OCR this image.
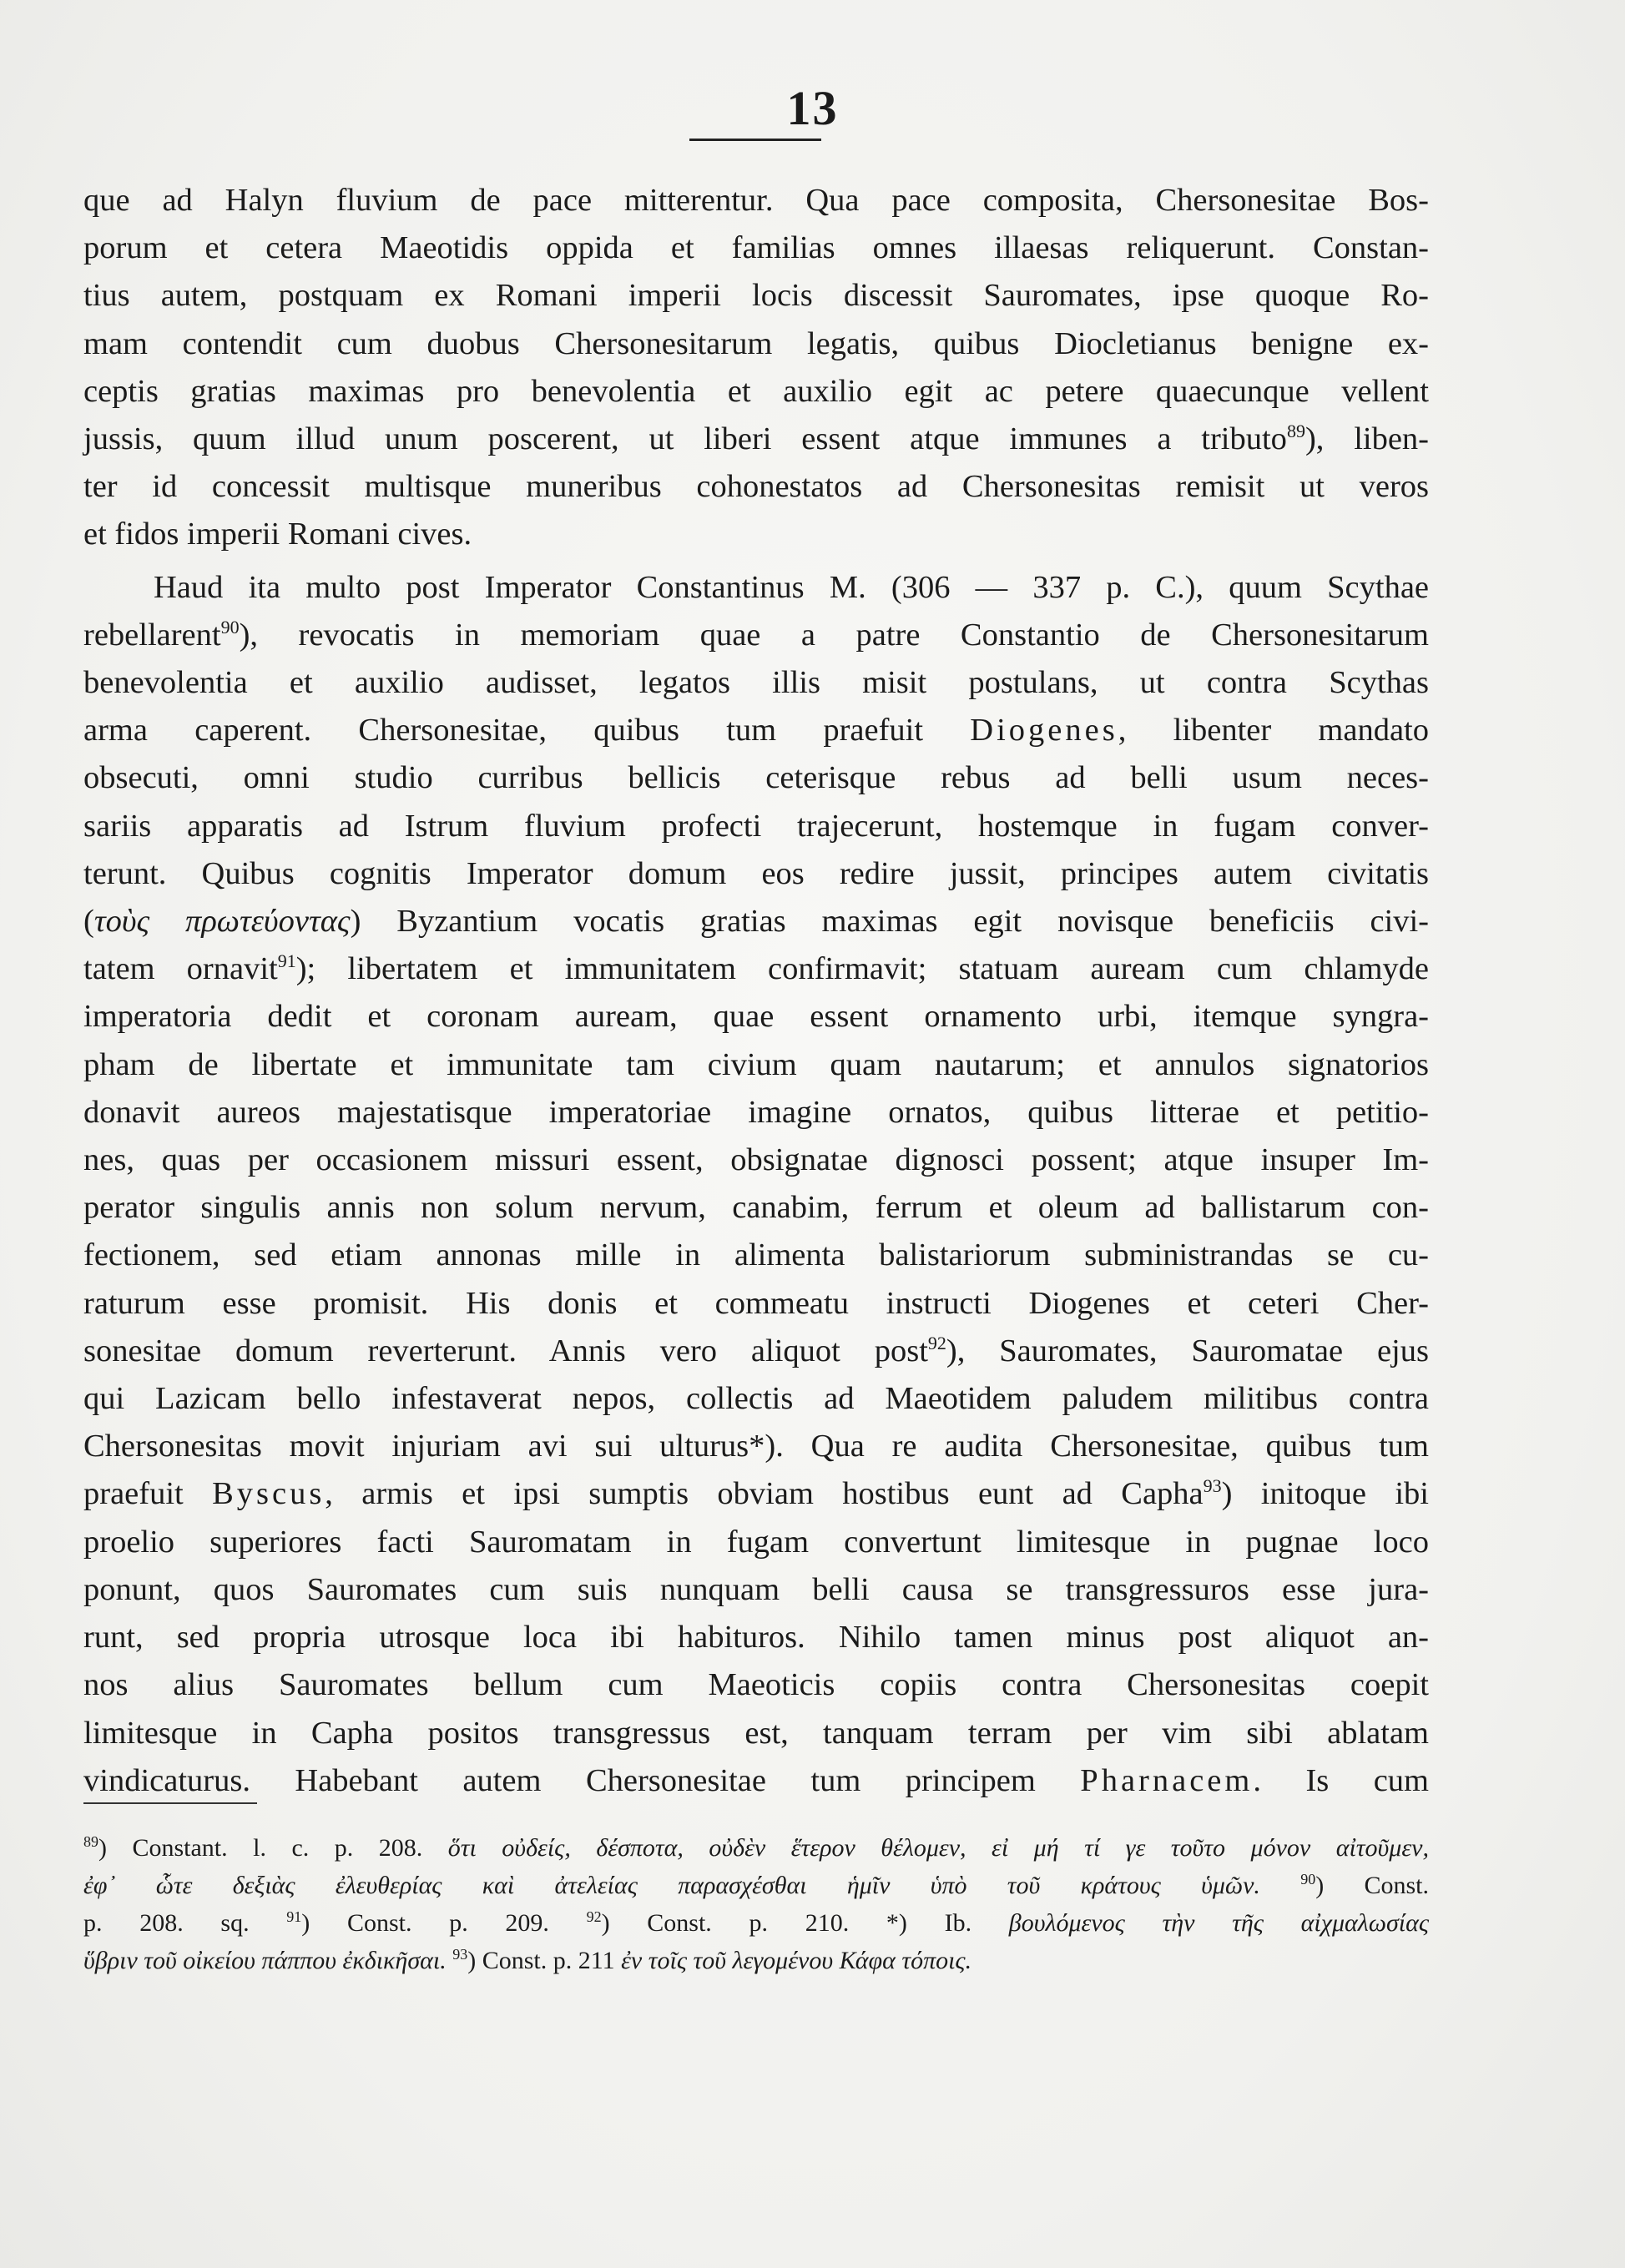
13
que ad Halyn fluvium de pace mitterentur. Qua pace composita, Chersonesitae Bos-
porum et cetera Maeotidis oppida et familias omnes illaesas reliquerunt. Constan-
tius autem, postquam ex Romani imperii locis discessit Sauromates, ipse quoque Ro-
mam contendit cum duobus Chersonesitarum legatis, quibus Diocletianus benigne ex-
ceptis gratias maximas pro benevolentia et auxilio egit ac petere quaecunque vellent
jussis, quum illud unum poscerent, ut liberi essent atque immunes a tributo$^{89}$), liben-
ter id concessit multisque muneribus cohonestatos ad Chersonesitas remisit ut veros
et fidos imperii Romani cives.
Haud ita multo post Imperator Constantinus M. (306 — 337 p. C.), quum Scythae
rebellarent$^{90}$), revocatis in memoriam quae a patre Constantio de Chersonesitarum
benevolentia et auxilio audisset, legatos illis misit postulans, ut contra Scythas
arma caperent. Chersonesitae, quibus tum praefuit Diogenes, libenter mandato
obsecuti, omni studio curribus bellicis ceterisque rebus ad belli usum neces-
sariis apparatis ad Istrum fluvium profecti trajecerunt, hostemque in fugam conver-
terunt. Quibus cognitis Imperator domum eos redire jussit, principes autem civitatis
(τοὺς πρωτεύοντας) Byzantium vocatis gratias maximas egit novisque beneficiis civi-
tatem ornavit$^{91}$); libertatem et immunitatem confirmavit; statuam auream cum chlamyde
imperatoria dedit et coronam auream, quae essent ornamento urbi, itemque syngra-
pham de libertate et immunitate tam civium quam nautarum; et annulos signatorios
donavit aureos majestatisque imperatoriae imagine ornatos, quibus litterae et petitio-
nes, quas per occasionem missuri essent, obsignatae dignosci possent; atque insuper Im-
perator singulis annis non solum nervum, canabim, ferrum et oleum ad ballistarum con-
fectionem, sed etiam annonas mille in alimenta balistariorum subministrandas se cu-
raturum esse promisit. His donis et commeatu instructi Diogenes et ceteri Cher-
sonesitae domum reverterunt. Annis vero aliquot post$^{92}$), Sauromates, Sauromatae ejus
qui Lazicam bello infestaverat nepos, collectis ad Maeotidem paludem militibus contra
Chersonesitas movit injuriam avi sui ulturus*). Qua re audita Chersonesitae, quibus tum
praefuit Byscus, armis et ipsi sumptis obviam hostibus eunt ad Capha$^{93}$) initoque ibi
proelio superiores facti Sauromatam in fugam convertunt limitesque in pugnae loco
ponunt, quos Sauromates cum suis nunquam belli causa se transgressuros esse jura-
runt, sed propria utrosque loca ibi habituros. Nihilo tamen minus post aliquot an-
nos alius Sauromates bellum cum Maeoticis copiis contra Chersonesitas coepit
limitesque in Capha positos transgressus est, tanquam terram per vim sibi ablatam
vindicaturus. Habebant autem Chersonesitae tum principem Pharnacem. Is cum
$^{89}$) Constant. l. c. p. 208. ὅτι οὐδείς, δέσποτα, οὐδὲν ἕτερον θέλομεν, εἰ μή τί γε τοῦτο μόνον αἰτοῦμεν,
ἐφ᾽ ὧτε δεξιὰς ἐλευθερίας καὶ ἀτελείας παρασχέσθαι ἡμῖν ὑπὸ τοῦ κράτους ὑμῶν.	$^{90}$) Const.
p. 208. sq. $^{91}$) Const. p. 209. $^{92}$) Const. p. 210. *) Ib. βουλόμενος τὴν τῆς αἰχμαλωσίας
ὕβριν τοῦ οἰκείου πάππου ἐκδικῆσαι. $^{93}$) Const. p. 211 ἐν τοῖς τοῦ λεγομένου Κάφα τόποις.
